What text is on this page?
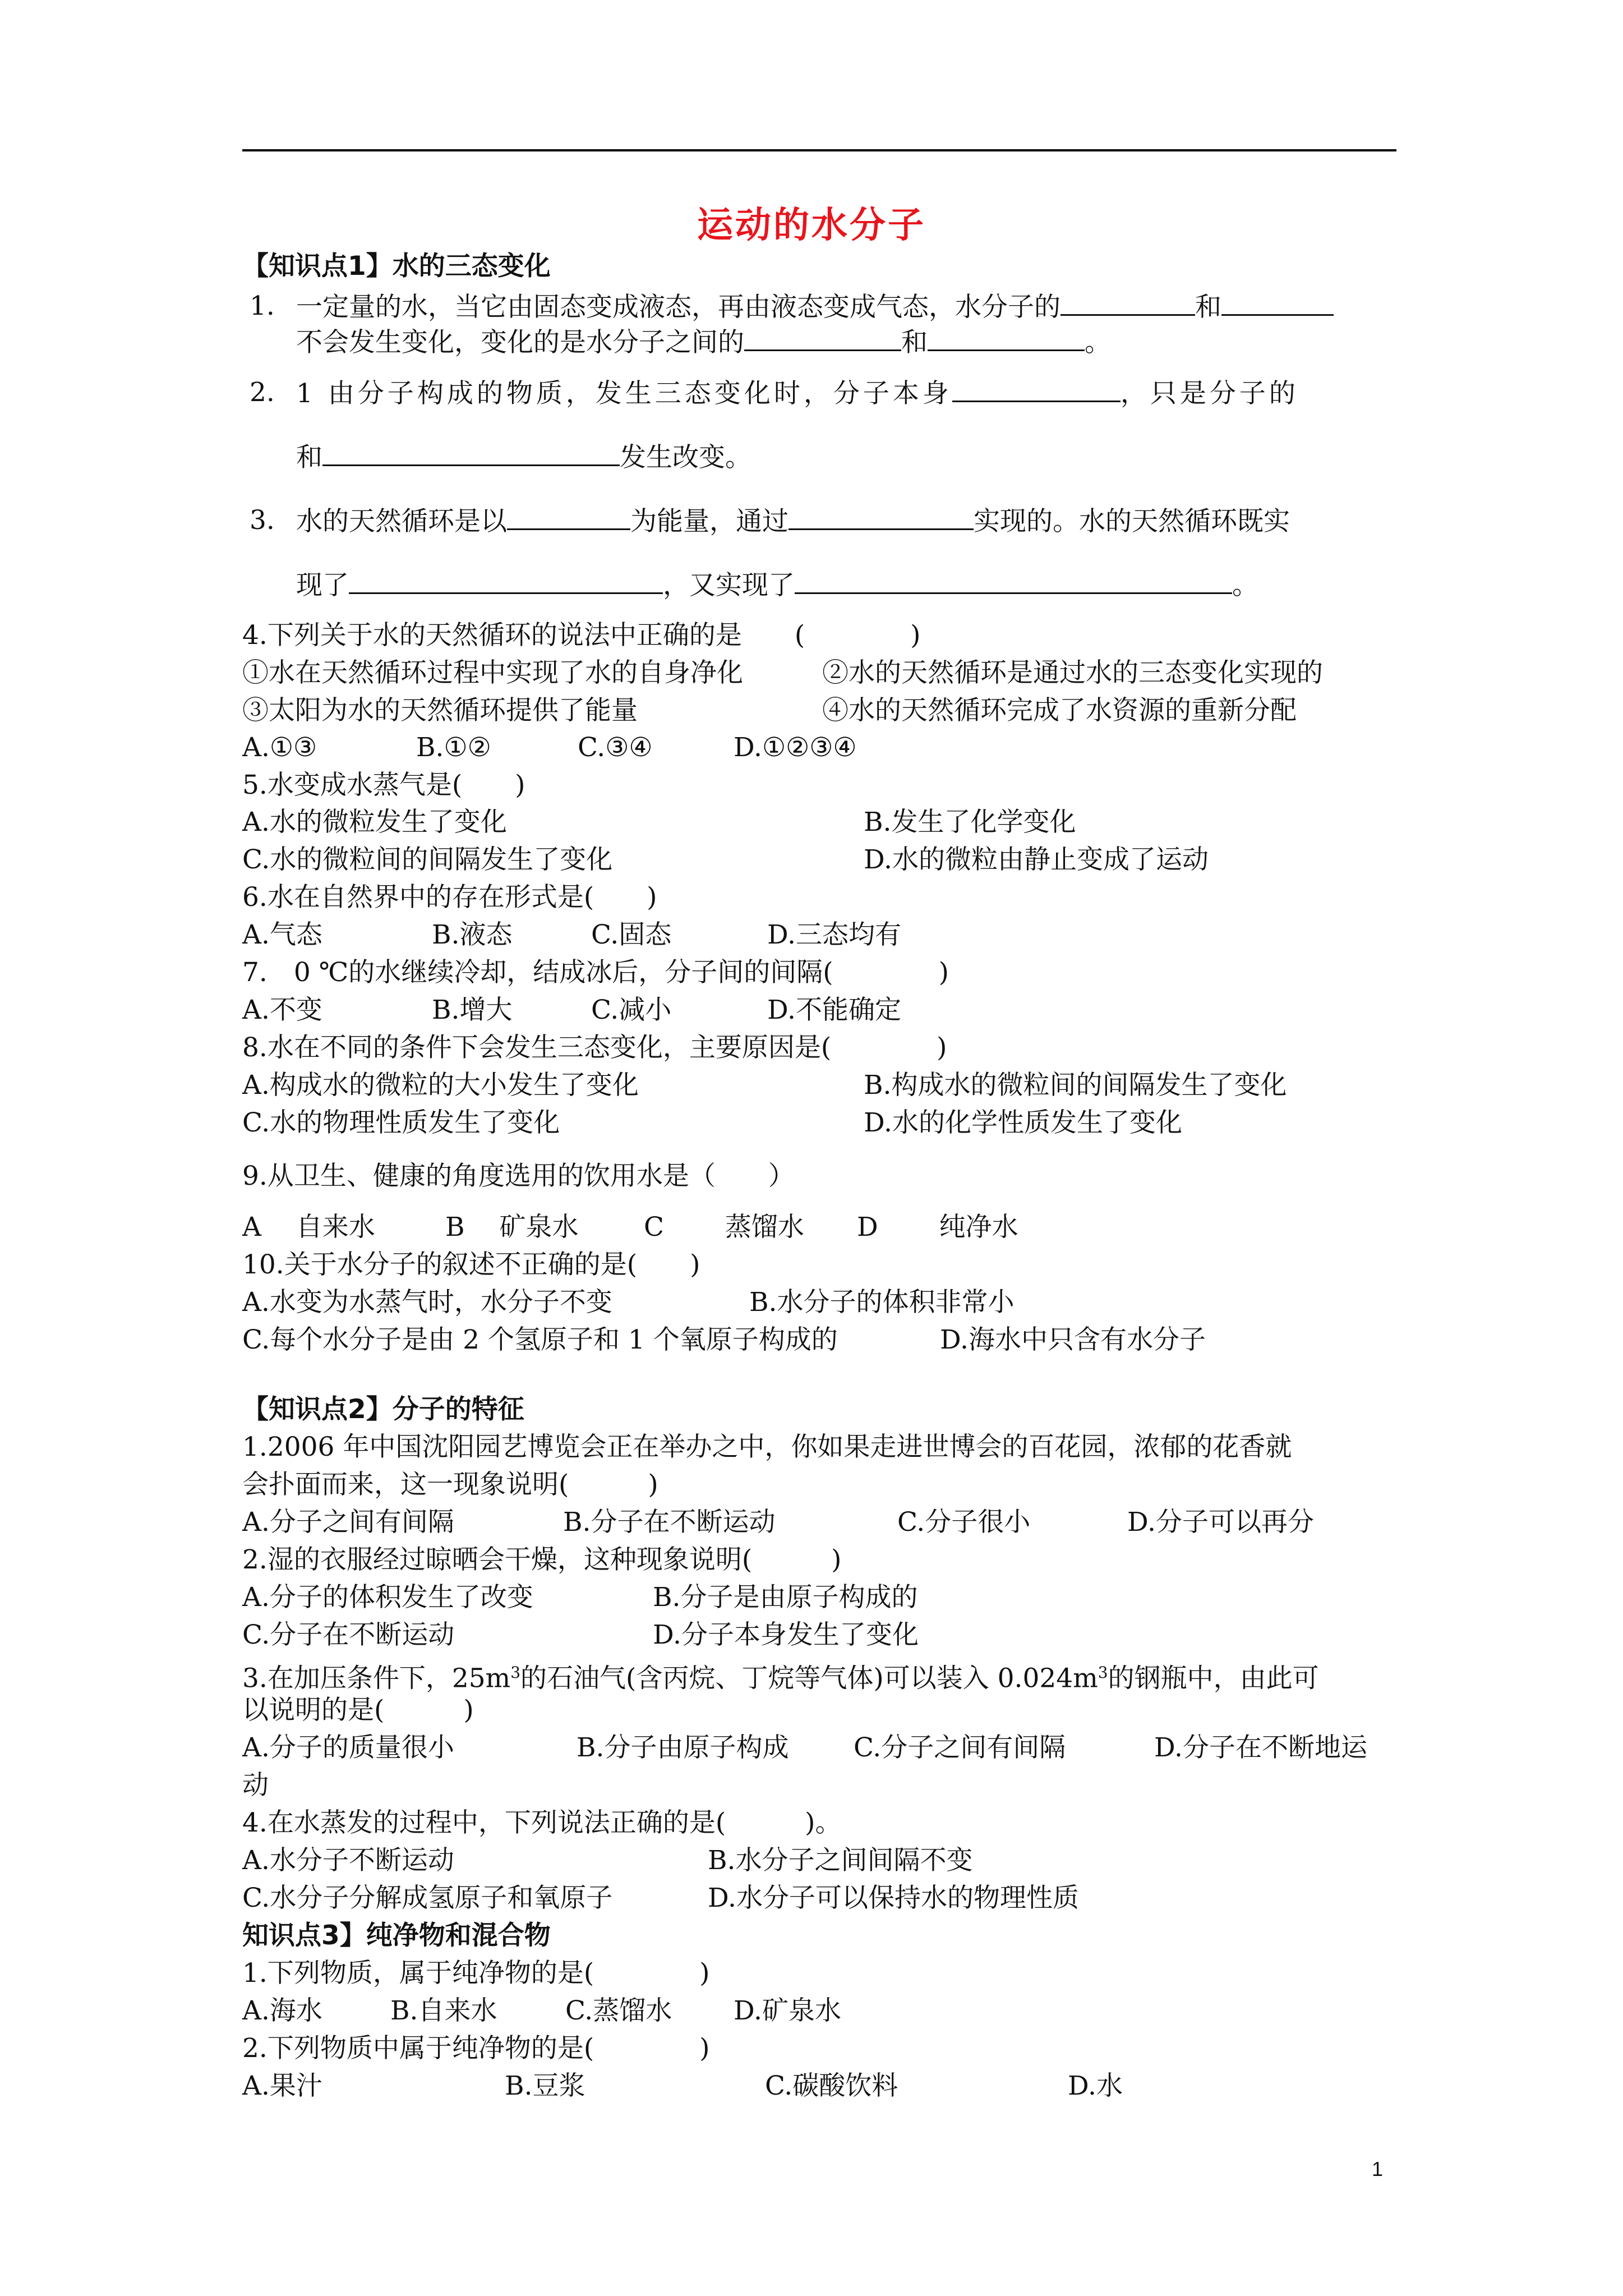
运动的水分子
【知识点1】水的三态变化
1. 一定量的水，当它由固态变成液态，再由液态变成气态，水分子的	和
不会发生变化，变化的是水分子之间的	和	。
2. 1 由分子构成的物质，发生三态变化时，分子本身	，只是分子的
和	发生改变。
3. 水的天然循环是以	为能量，通过	实现的。水的天然循环既实
现了	，又实现了	。
4.下列关于水的天然循环的说法中正确的是　　(　　　　)
①水在天然循环过程中实现了水的自身净化	②水的天然循环是通过水的三态变化实现的
③太阳为水的天然循环提供了能量	④水的天然循环完成了水资源的重新分配
A.①③	B.①②	C.③④	D.①②③④
5.水变成水蒸气是(　　)
A.水的微粒发生了变化	B.发生了化学变化
C.水的微粒间的间隔发生了变化	D.水的微粒由静止变成了运动
6.水在自然界中的存在形式是(　　)
A.气态	B.液态	C.固态	D.三态均有
7.　0 ℃的水继续冷却，结成冰后，分子间的间隔(　　　　)
A.不变	B.增大	C.减小	D.不能确定
8.水在不同的条件下会发生三态变化，主要原因是(　　　　)
A.构成水的微粒的大小发生了变化	B.构成水的微粒间的间隔发生了变化
C.水的物理性质发生了变化	D.水的化学性质发生了变化
9.从卫生、健康的角度选用的饮用水是（　　）
A　 自来水	B　 矿泉水 C　　 蒸馏水 D　　 纯净水
10.关于水分子的叙述不正确的是(　　)
A.水变为水蒸气时，水分子不变	B.水分子的体积非常小
C.每个水分子是由 2 个氢原子和 1 个氧原子构成的	D.海水中只含有水分子
【知识点2】分子的特征
1.2006 年中国沈阳园艺博览会正在举办之中，你如果走进世博会的百花园，浓郁的花香就
会扑面而来，这一现象说明(　　　)
A.分子之间有间隔	B.分子在不断运动	C.分子很小	D.分子可以再分
2.湿的衣服经过晾晒会干燥，这种现象说明(　　　)
A.分子的体积发生了改变	B.分子是由原子构成的
C.分子在不断运动	D.分子本身发生了变化
3.在加压条件下，$25m^3$的石油气(含丙烷、丁烷等气体)可以装入 $0.024m^3$的钢瓶中，由此可
以说明的是(　　　)
A.分子的质量很小	B.分子由原子构成 C.分子之间有间隔	D.分子在不断地运
动
4.在水蒸发的过程中，下列说法正确的是(　　　)。
A.水分子不断运动	B.水分子之间间隔不变
C.水分子分解成氢原子和氧原子	D.水分子可以保持水的物理性质
知识点3】纯净物和混合物
1.下列物质，属于纯净物的是(　　　　)
A.海水	B.自来水	C.蒸馏水 D.矿泉水
2.下列物质中属于纯净物的是(　　　　)
A.果汁	B.豆浆	C.碳酸饮料	D.水
1
